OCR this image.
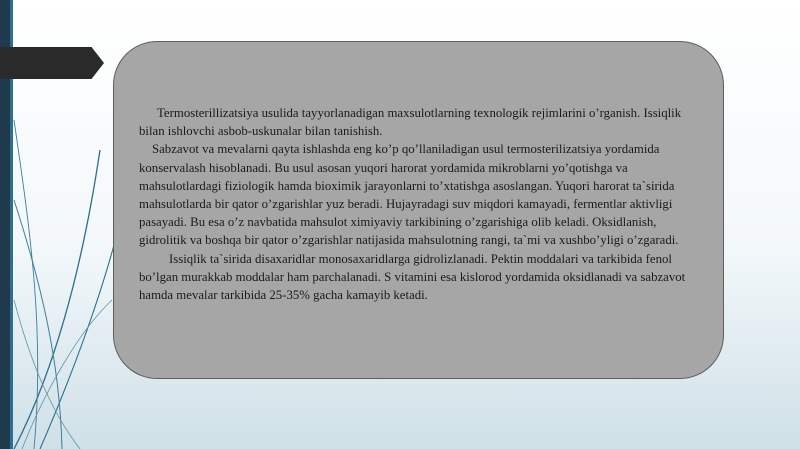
Termosterillizatsiya usulida tayyorlanadigan maxsulotlarning texnologik rejimlarini o’rganish. Issiqlik bilan ishlovchi asbob-uskunalar bilan tanishish.

Sabzavot va mevalarni qayta ishlashda eng ko’p qo’llaniladigan usul termosterilizatsiya yordamida konservalash hisoblanadi. Bu usul asosan yuqori harorat yordamida mikroblarni yo’qotishga va mahsulotlardagi fiziologik hamda bioximik jarayonlarni to’xtatishga asoslangan. Yuqori harorat ta`sirida mahsulotlarda bir qator o’zgarishlar yuz beradi. Hujayradagi suv miqdori kamayadi, fermentlar aktivligi pasayadi. Bu esa o’z navbatida mahsulot ximiyaviy tarkibining o’zgarishiga olib keladi. Oksidlanish, gidrolitik va boshqa bir qator o’zgarishlar natijasida mahsulotning rangi, ta`mi va xushbo’yligi o’zgaradi.

Issiqlik ta`sirida disaxaridlar monosaxaridlarga gidrolizlanadi. Pektin moddalari va tarkibida fenol bo’lgan murakkab moddalar ham parchalanadi. S vitamini esa kislorod yordamida oksidlanadi va sabzavot hamda mevalar tarkibida 25-35% gacha kamayib ketadi.
